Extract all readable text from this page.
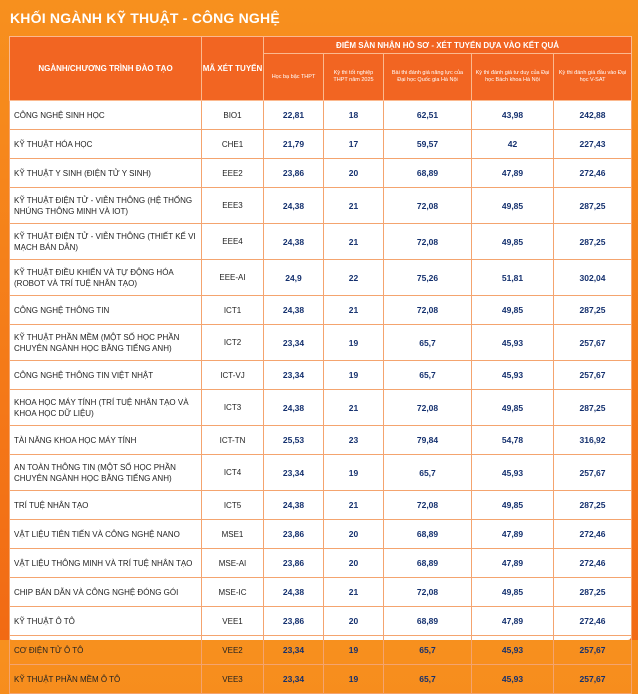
KHỐI NGÀNH KỸ THUẬT - CÔNG NGHỆ
NGÀNH/CHƯƠNG TRÌNH ĐÀO TẠO	MÃ XÉT TUYỂN	ĐIỂM SÀN NHẬN HỒ SƠ - XÉT TUYỂN DỰA VÀO KẾT QUẢ				
		Học bạ bậc THPT	Kỳ thi tốt nghiệp THPT năm 2025	Bài thi đánh giá năng lực của Đại học Quốc gia Hà Nội	Kỳ thi đánh giá tư duy của Đại học Bách khoa Hà Nội	Kỳ thi đánh giá đầu vào Đại học V-SAT
CÔNG NGHỆ SINH HỌC	BIO1	22,81	18	62,51	43,98	242,88
KỸ THUẬT HÓA HỌC	CHE1	21,79	17	59,57	42	227,43
KỸ THUẬT Y SINH (ĐIỆN TỬ Y SINH)	EEE2	23,86	20	68,89	47,89	272,46
KỸ THUẬT ĐIỆN TỬ - VIỄN THÔNG (HỆ THỐNG NHÚNG THÔNG MINH VÀ IOT)	EEE3	24,38	21	72,08	49,85	287,25
KỸ THUẬT ĐIỆN TỬ - VIỄN THÔNG (THIẾT KẾ VI MẠCH BÁN DẪN)	EEE4	24,38	21	72,08	49,85	287,25
KỸ THUẬT ĐIỀU KHIỂN VÀ TỰ ĐỘNG HÓA (ROBOT VÀ TRÍ TUỆ NHÂN TẠO)	EEE-AI	24,9	22	75,26	51,81	302,04
CÔNG NGHỆ THÔNG TIN	ICT1	24,38	21	72,08	49,85	287,25
KỸ THUẬT PHẦN MỀM (MỘT SỐ HỌC PHẦN CHUYÊN NGÀNH HỌC BẰNG TIẾNG ANH)	ICT2	23,34	19	65,7	45,93	257,67
CÔNG NGHỆ THÔNG TIN VIỆT NHẬT	ICT-VJ	23,34	19	65,7	45,93	257,67
KHOA HỌC MÁY TÍNH (TRÍ TUỆ NHÂN TẠO VÀ KHOA HỌC DỮ LIỆU)	ICT3	24,38	21	72,08	49,85	287,25
TÀI NĂNG KHOA HỌC MÁY TÍNH	ICT-TN	25,53	23	79,84	54,78	316,92
AN TOÀN THÔNG TIN (MỘT SỐ HỌC PHẦN CHUYÊN NGÀNH HỌC BẰNG TIẾNG ANH)	ICT4	23,34	19	65,7	45,93	257,67
TRÍ TUỆ NHÂN TẠO	ICT5	24,38	21	72,08	49,85	287,25
VẬT LIỆU TIÊN TIẾN VÀ CÔNG NGHỆ NANO	MSE1	23,86	20	68,89	47,89	272,46
VẬT LIỆU THÔNG MINH VÀ TRÍ TUỆ NHÂN TẠO	MSE-AI	23,86	20	68,89	47,89	272,46
CHIP BÁN DẪN VÀ CÔNG NGHỆ ĐÓNG GÓI	MSE-IC	24,38	21	72,08	49,85	287,25
KỸ THUẬT Ô TÔ	VEE1	23,86	20	68,89	47,89	272,46
CƠ ĐIỆN TỬ Ô TÔ	VEE2	23,34	19	65,7	45,93	257,67
KỸ THUẬT PHẦN MỀM Ô TÔ	VEE3	23,34	19	65,7	45,93	257,67
